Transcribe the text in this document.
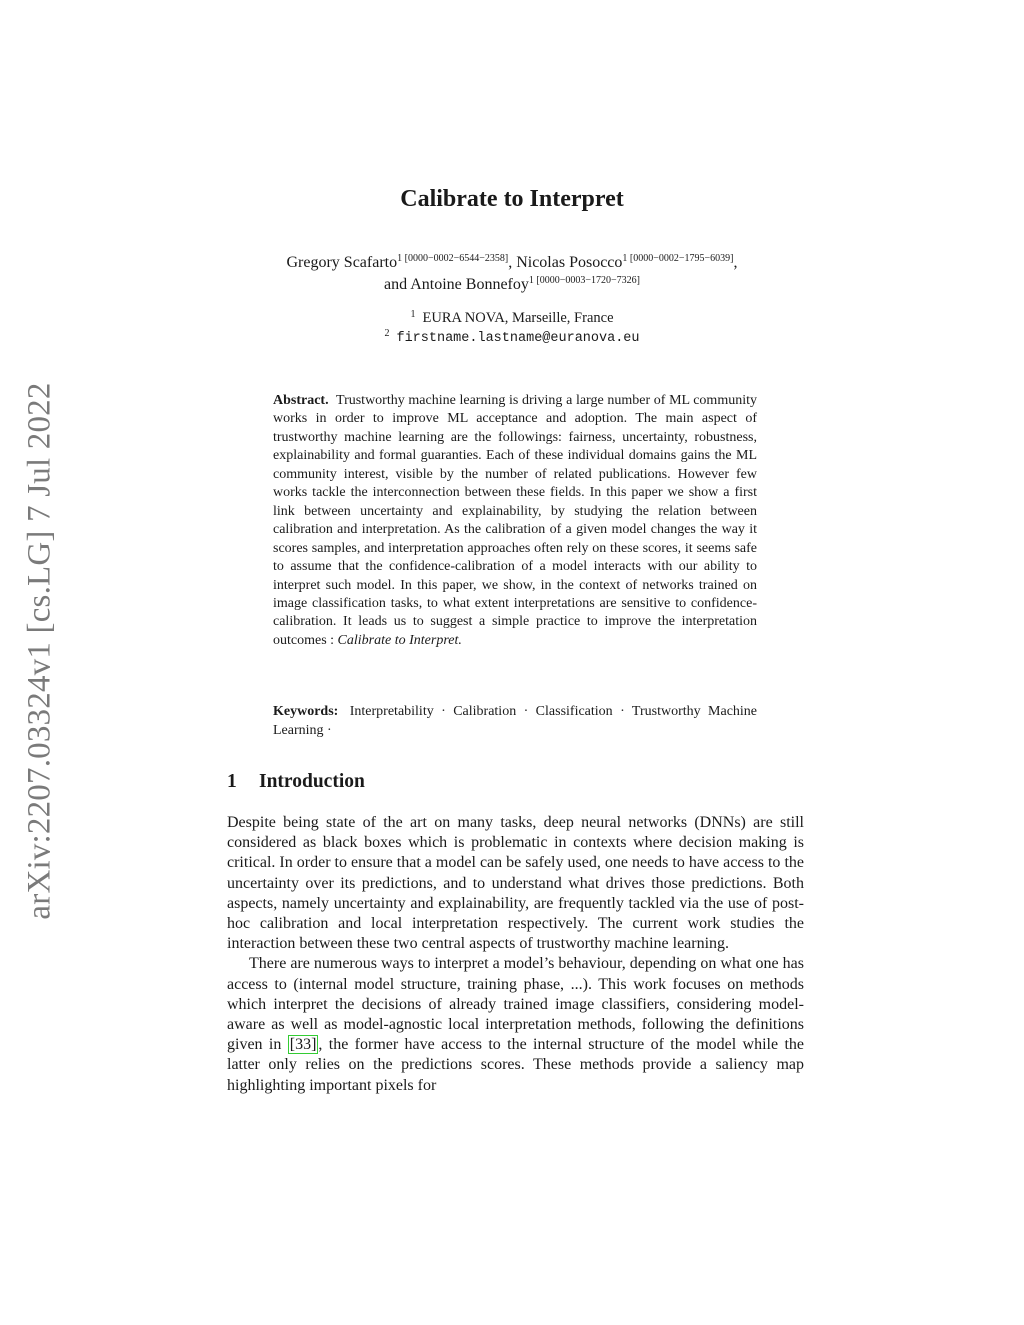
arXiv:2207.03324v1 [cs.LG] 7 Jul 2022
Calibrate to Interpret
Gregory Scafarto$^{1 [0000-0002-6544-2358]}$, Nicolas Posocco$^{1 [0000-0002-1795-6039]}$,
and Antoine Bonnefoy$^{1 [0000-0003-1720-7326]}$
$^1$ EURA NOVA, Marseille, France
$^2$ firstname.lastname@euranova.eu
Abstract. Trustworthy machine learning is driving a large number of ML community works in order to improve ML acceptance and adoption. The main aspect of trustworthy machine learning are the followings: fairness, uncertainty, robustness, explainability and formal guaranties. Each of these individual domains gains the ML community interest, visible by the number of related publications. However few works tackle the interconnection between these fields. In this paper we show a first link between uncertainty and explainability, by studying the relation between calibration and interpretation. As the calibration of a given model changes the way it scores samples, and interpretation approaches often rely on these scores, it seems safe to assume that the confidence-calibration of a model interacts with our ability to interpret such model. In this paper, we show, in the context of networks trained on image classification tasks, to what extent interpretations are sensitive to confidence-calibration. It leads us to suggest a simple practice to improve the interpretation outcomes : Calibrate to Interpret.
Keywords: Interpretability · Calibration · Classification · Trustworthy Machine Learning ·
1 Introduction

Despite being state of the art on many tasks, deep neural networks (DNNs) are still considered as black boxes which is problematic in contexts where decision making is critical. In order to ensure that a model can be safely used, one needs to have access to the uncertainty over its predictions, and to understand what drives those predictions. Both aspects, namely uncertainty and explainability, are frequently tackled via the use of post-hoc calibration and local interpretation respectively. The current work studies the interaction between these two central aspects of trustworthy machine learning.

There are numerous ways to interpret a model’s behaviour, depending on what one has access to (internal model structure, training phase, ...). This work focuses on methods which interpret the decisions of already trained image classifiers, considering model-aware as well as model-agnostic local interpretation methods, following the definitions given in [33] , the former have access to the internal structure of the model while the latter only relies on the predictions scores. These methods provide a saliency map highlighting important pixels for
